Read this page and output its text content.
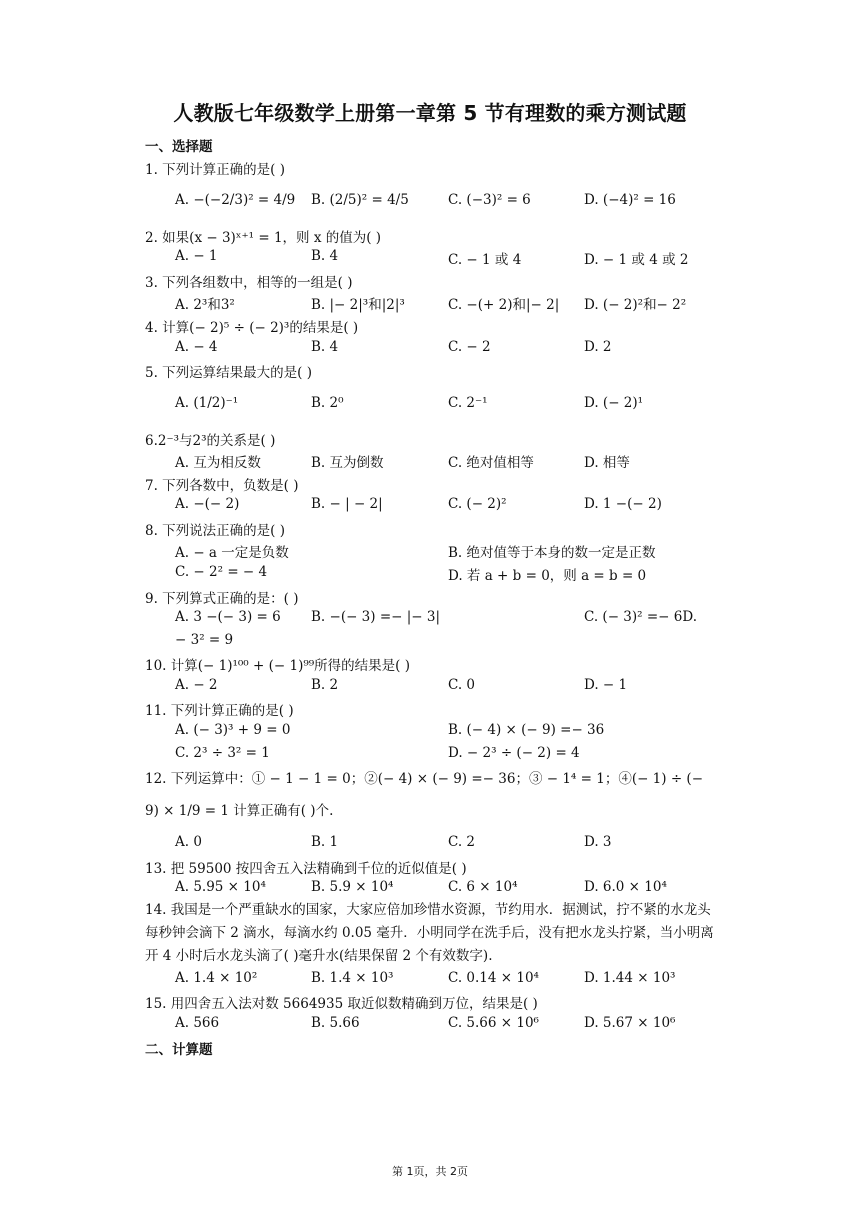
人教版七年级数学上册第一章第 5 节有理数的乘方测试题
一、选择题
1. 下列计算正确的是( )
A. −(−2/3)² = 4/9 B. (2/5)² = 4/5	C. (−3)² = 6	D. (−4)² = 16
2. 如果(x − 3)ˣ⁺¹ = 1，则 x 的值为( )
A. − 1	B. 4	C. − 1 或 4	D. − 1 或 4 或 2
3. 下列各组数中，相等的一组是( )
A. 2³和3²	B. |− 2|³和|2|³	C. −(+ 2)和|− 2| D. (− 2)²和− 2²
4. 计算(− 2)⁵ ÷ (− 2)³的结果是( )
A. − 4	B. 4	C. − 2	D. 2
5. 下列运算结果最大的是( )
A. (1/2)⁻¹	B. 2⁰	C. 2⁻¹	D. (− 2)¹
6.2⁻³与2³的关系是( )
A. 互为相反数	B. 互为倒数	C. 绝对值相等	D. 相等
7. 下列各数中，负数是( )
A. −(− 2)	B. − | − 2|	C. (− 2)²	D. 1 −(− 2)
8. 下列说法正确的是( )
A. − a 一定是负数	B. 绝对值等于本身的数一定是正数
C. − 2² = − 4	D. 若 a + b = 0，则 a = b = 0
9. 下列算式正确的是：( )
A. 3 −(− 3) = 6 B. −(− 3) =− |− 3|	C. (− 3)² =− 6D.
− 3² = 9
10. 计算(− 1)¹⁰⁰ + (− 1)⁹⁹所得的结果是( )
A. − 2	B. 2	C. 0	D. − 1
11. 下列计算正确的是( )
A. (− 3)³ + 9 = 0	B. (− 4) × (− 9) =− 36
C. 2³ ÷ 3² = 1	D. − 2³ ÷ (− 2) = 4
12. 下列运算中：① − 1 − 1 = 0；②(− 4) × (− 9) =− 36；③ − 1⁴ = 1；④(− 1) ÷ (− 9) × 1/9 = 1 计算正确有( )个.
A. 0	B. 1	C. 2	D. 3
13. 把 59500 按四舍五入法精确到千位的近似值是( )
A. 5.95 × 10⁴	B. 5.9 × 10⁴	C. 6 × 10⁴	D. 6.0 × 10⁴
14. 我国是一个严重缺水的国家，大家应倍加珍惜水资源，节约用水．据测试，拧不紧的水龙头每秒钟会滴下 2 滴水，每滴水约 0.05 毫升．小明同学在洗手后，没有把水龙头拧紧，当小明离开 4 小时后水龙头滴了( )毫升水(结果保留 2 个有效数字).
A. 1.4 × 10²	B. 1.4 × 10³	C. 0.14 × 10⁴	D. 1.44 × 10³
15. 用四舍五入法对数 5664935 取近似数精确到万位，结果是( )
A. 566	B. 5.66	C. 5.66 × 10⁶	D. 5.67 × 10⁶
二、计算题
第 1页，共 2页
